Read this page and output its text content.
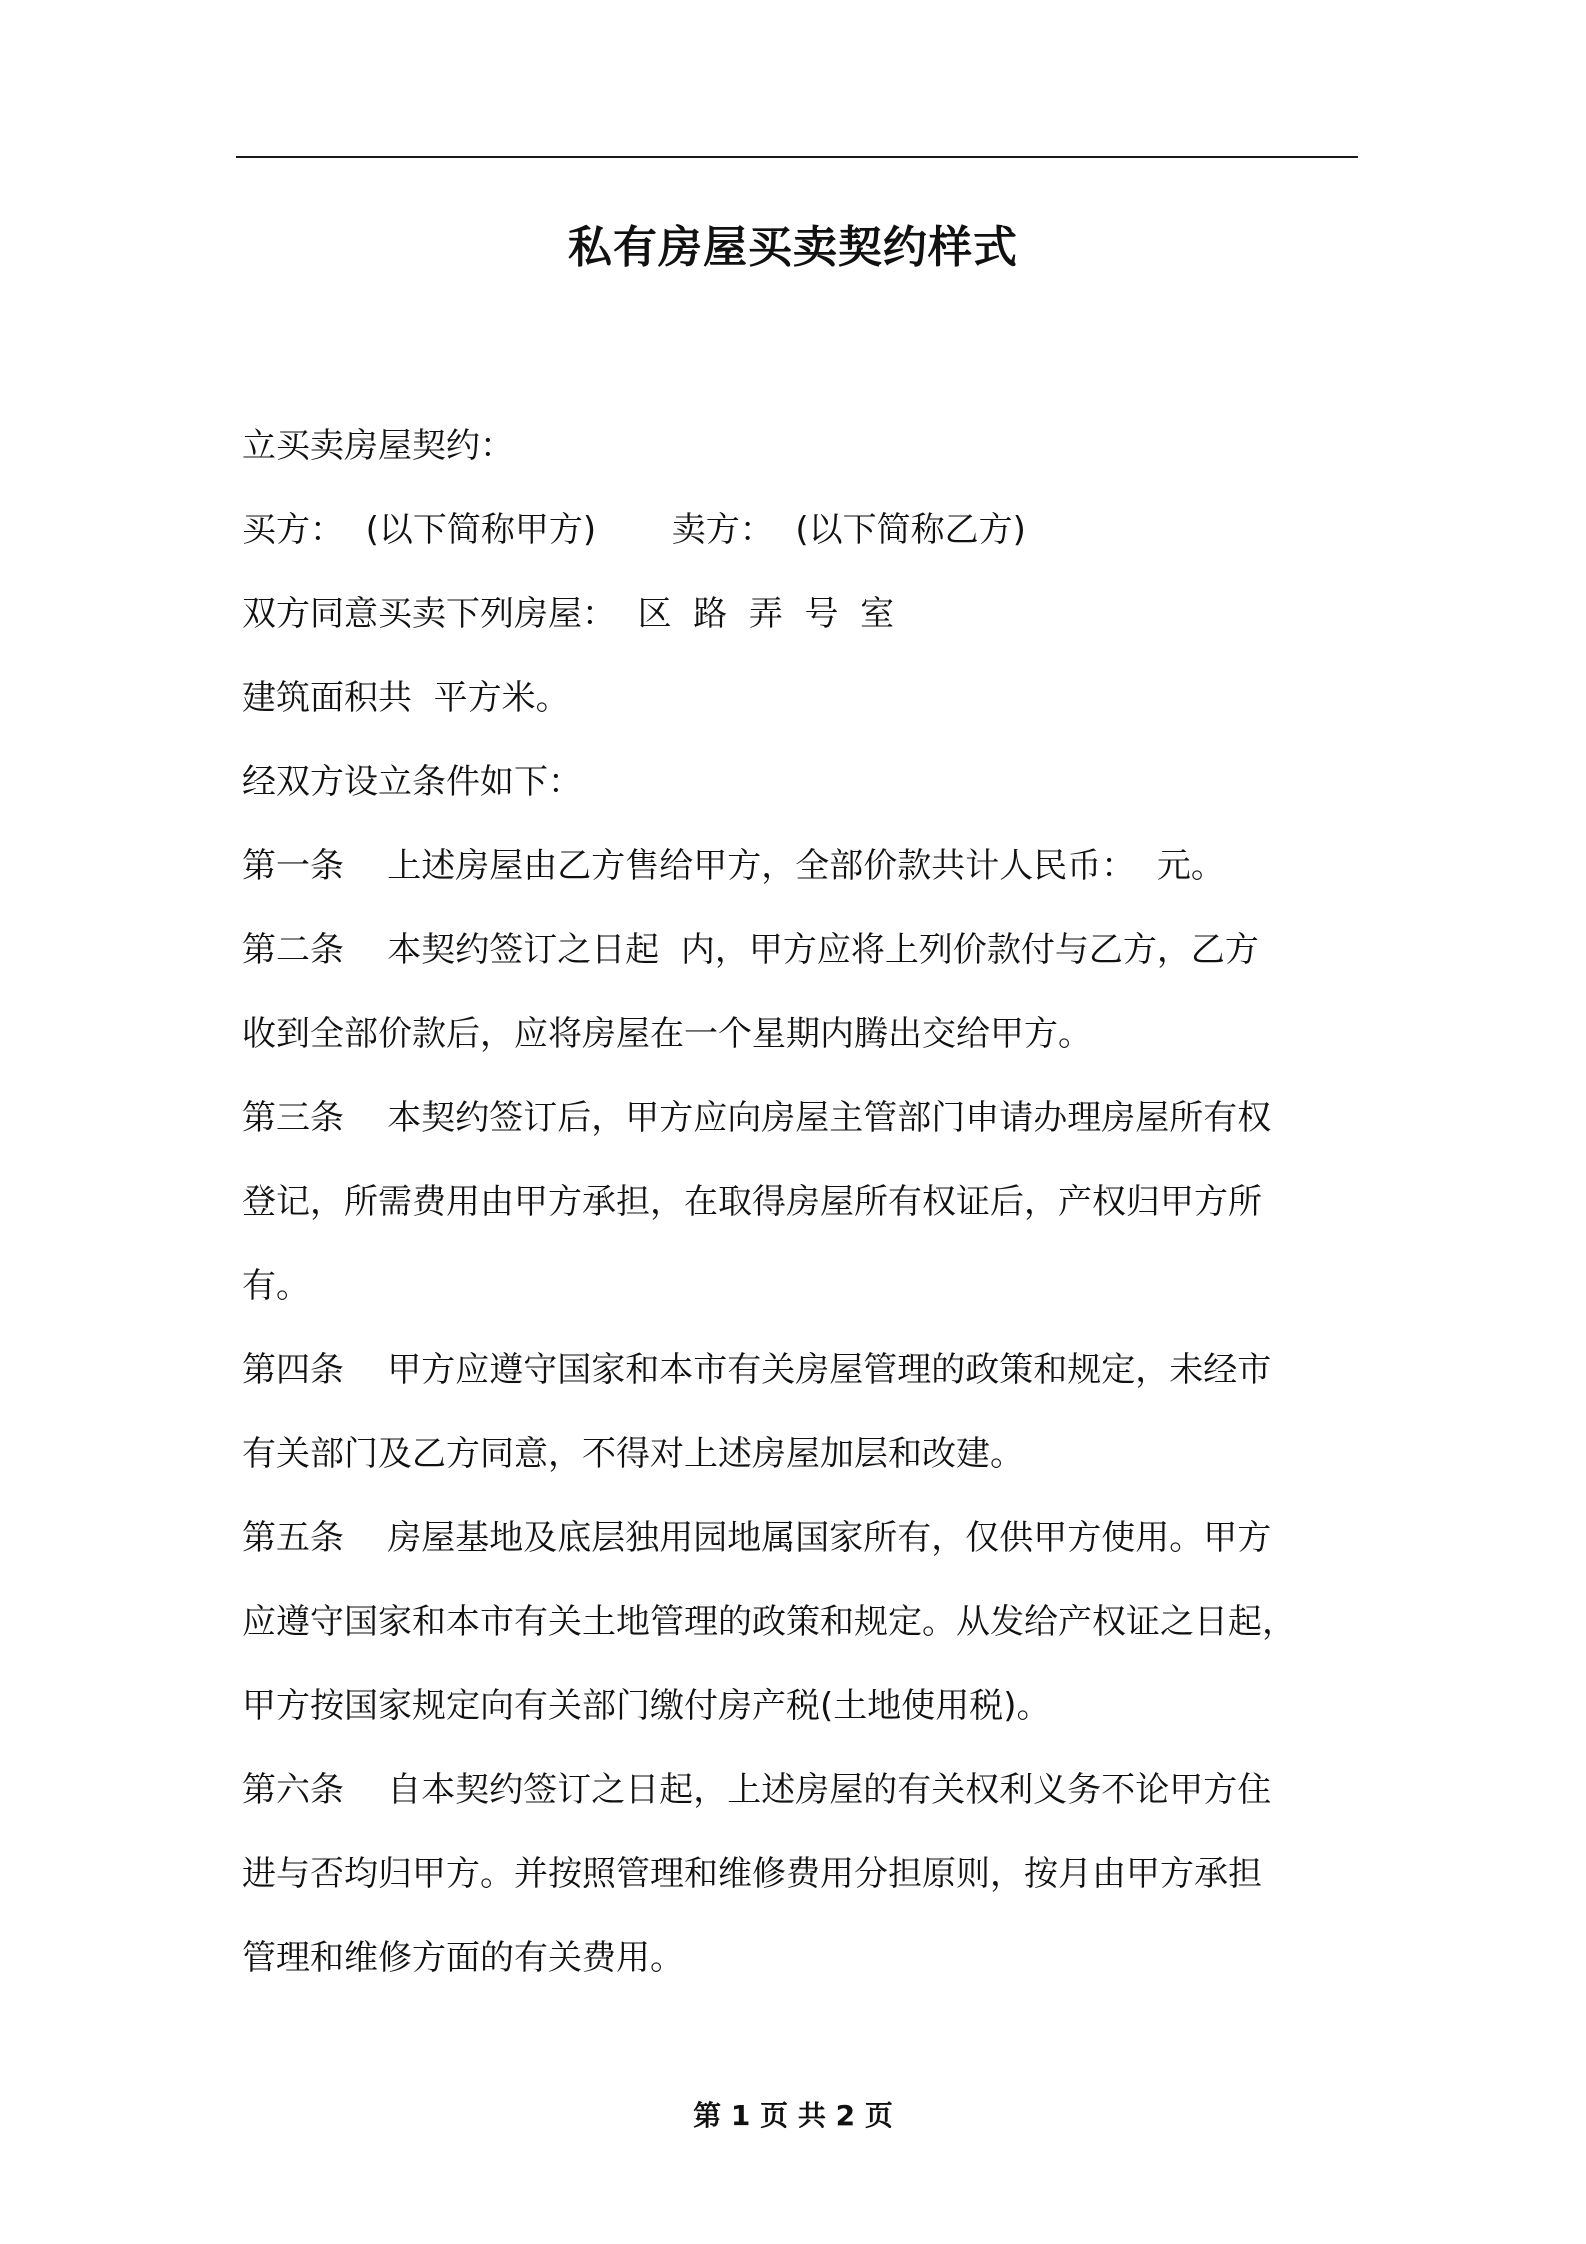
私有房屋买卖契约样式
立买卖房屋契约：
买方：  (以下简称甲方)       卖方：  (以下简称乙方)
双方同意买卖下列房屋：  区  路  弄  号  室
建筑面积共  平方米。
经双方设立条件如下：
第一条    上述房屋由乙方售给甲方，全部价款共计人民币：  元。
第二条    本契约签订之日起  内，甲方应将上列价款付与乙方，乙方
收到全部价款后，应将房屋在一个星期内腾出交给甲方。
第三条    本契约签订后，甲方应向房屋主管部门申请办理房屋所有权
登记，所需费用由甲方承担，在取得房屋所有权证后，产权归甲方所
有。
第四条    甲方应遵守国家和本市有关房屋管理的政策和规定，未经市
有关部门及乙方同意，不得对上述房屋加层和改建。
第五条    房屋基地及底层独用园地属国家所有，仅供甲方使用。甲方
应遵守国家和本市有关土地管理的政策和规定。从发给产权证之日起，
甲方按国家规定向有关部门缴付房产税(土地使用税)。
第六条    自本契约签订之日起，上述房屋的有关权利义务不论甲方住
进与否均归甲方。并按照管理和维修费用分担原则，按月由甲方承担
管理和维修方面的有关费用。
第 1 页 共 2 页
